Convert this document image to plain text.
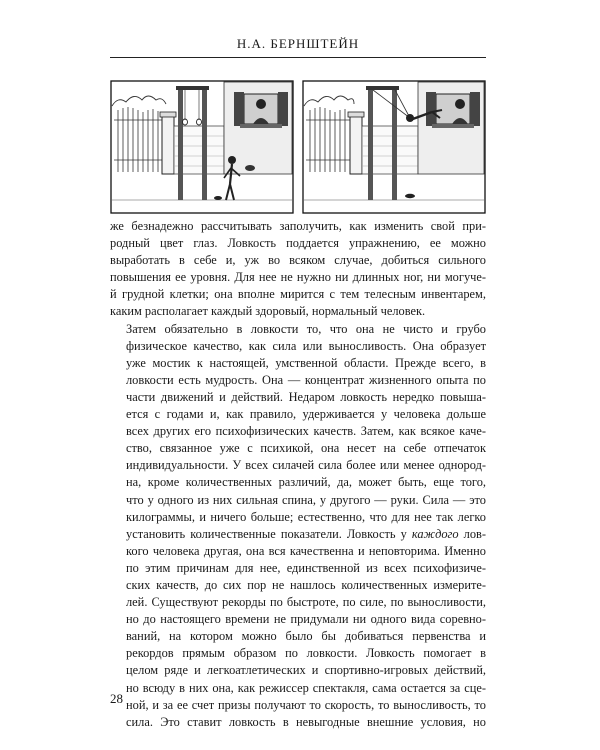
Н.А. БЕРНШТЕЙН

же безнадежно рассчитывать заполучить, как изменить свой при-
родный цвет глаз. Ловкость поддается упражнению, ее можно
выработать в себе и, уж во всяком случае, добиться сильного
повышения ее уровня. Для нее не нужно ни длинных ног, ни могуче-
й грудной клетки; она вполне мирится с тем телесным инвентарем,
каким располагает каждый здоровый, нормальный человек.

Затем обязательно в ловкости то, что она не чисто и грубо
физическое качество, как сила или выносливость. Она образует
уже мостик к настоящей, умственной области. Прежде всего, в
ловкости есть мудрость. Она — концентрат жизненного опыта по
части движений и действий. Недаром ловкость нередко повыша-
ется с годами и, как правило, удерживается у человека дольше
всех других его психофизических качеств. Затем, как всякое каче-
ство, связанное уже с психикой, она несет на себе отпечаток
индивидуальности. У всех силачей сила более или менее однород-
на, кроме количественных различий, да, может быть, еще того,
что у одного из них сильная спина, у другого — руки. Сила — это
килограммы, и ничего больше; естественно, что для нее так легко
установить количественные показатели. Ловкость у каждого лов-
кого человека другая, она вся качественна и неповторима. Именно
по этим причинам для нее, единственной из всех психофизиче-
ских качеств, до сих пор не нашлось количественных измерите-
лей. Существуют рекорды по быстроте, по силе, по выносливости,
но до настоящего времени не придумали ни одного вида соревно-
ваний, на котором можно было бы добиваться первенства и
рекордов прямым образом по ловкости. Ловкость помогает в
целом ряде и легкоатлетических и спортивно-игровых действий,
но всюду в них она, как режиссер спектакля, сама остается за сце-
ной, и за ее счет призы получают то скорость, то выносливость, то
сила. Это ставит ловкость в невыгодные внешние условия, но

28
